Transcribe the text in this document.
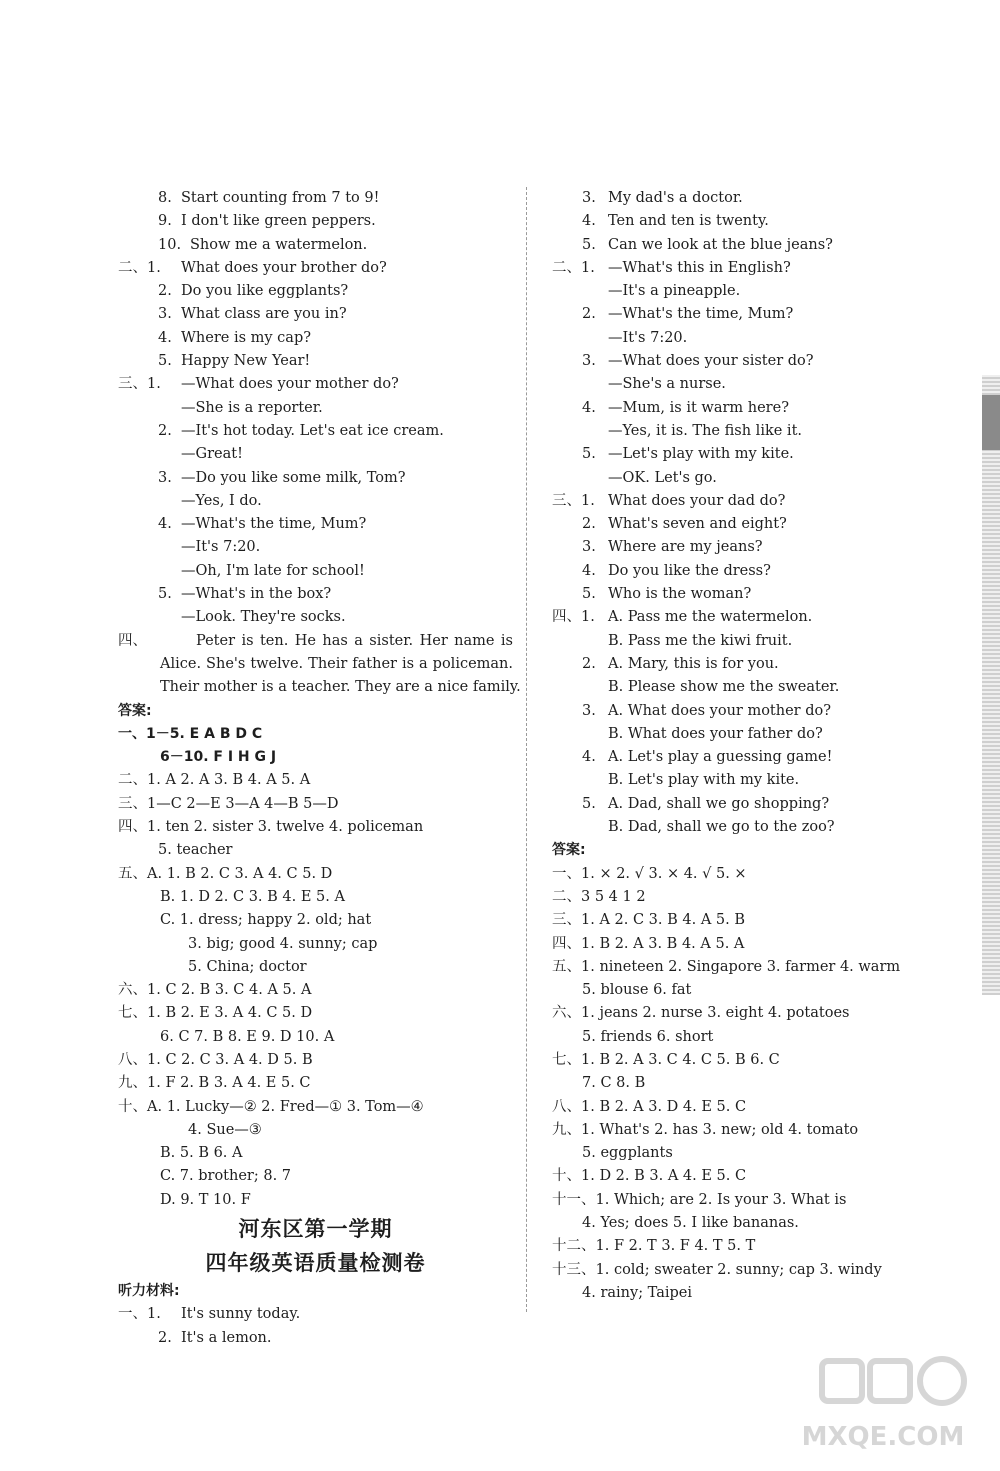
8. Start counting from 7 to 9!
9. I don't like green peppers.
10. Show me a watermelon.
二、1. What does your brother do?
2. Do you like eggplants?
3. What class are you in?
4. Where is my cap?
5. Happy New Year!
三、1. —What does your mother do?
—She is a reporter.
2. —It's hot today. Let's eat ice cream.
—Great!
3. —Do you like some milk, Tom?
—Yes, I do.
4. —What's the time, Mum?
—It's 7:20.
—Oh, I'm late for school!
5. —What's in the box?
—Look. They're socks.
四、	Peter is ten. He has a sister. Her name is
Alice. She's twelve. Their father is a policeman.
Their mother is a teacher. They are a nice family.
答案:
一、1－5. E A B D C
6－10. F I H G J
二、1. A 2. A 3. B 4. A 5. A
三、1—C 2—E 3—A 4—B 5—D
四、1. ten 2. sister 3. twelve 4. policeman
5. teacher
五、A. 1. B 2. C 3. A 4. C 5. D
B. 1. D 2. C 3. B 4. E 5. A
C. 1. dress; happy 2. old; hat
3. big; good 4. sunny; cap
5. China; doctor
六、1. C 2. B 3. C 4. A 5. A
七、1. B 2. E 3. A 4. C 5. D
6. C 7. B 8. E 9. D 10. A
八、1. C 2. C 3. A 4. D 5. B
九、1. F 2. B 3. A 4. E 5. C
十、A. 1. Lucky—② 2. Fred—① 3. Tom—④
4. Sue—③
B. 5. B 6. A
C. 7. brother; 8. 7
D. 9. T 10. F
河东区第一学期
四年级英语质量检测卷
听力材料:
一、1. It's sunny today.
2. It's a lemon.
3. My dad's a doctor.
4. Ten and ten is twenty.
5. Can we look at the blue jeans?
二、1. —What's this in English?
—It's a pineapple.
2. —What's the time, Mum?
—It's 7:20.
3. —What does your sister do?
—She's a nurse.
4. —Mum, is it warm here?
—Yes, it is. The fish like it.
5. —Let's play with my kite.
—OK. Let's go.
三、1. What does your dad do?
2. What's seven and eight?
3. Where are my jeans?
4. Do you like the dress?
5. Who is the woman?
四、1. A. Pass me the watermelon.
B. Pass me the kiwi fruit.
2. A. Mary, this is for you.
B. Please show me the sweater.
3. A. What does your mother do?
B. What does your father do?
4. A. Let's play a guessing game!
B. Let's play with my kite.
5. A. Dad, shall we go shopping?
B. Dad, shall we go to the zoo?
答案:
一、1. × 2. √ 3. × 4. √ 5. ×
二、3 5 4 1 2
三、1. A 2. C 3. B 4. A 5. B
四、1. B 2. A 3. B 4. A 5. A
五、1. nineteen 2. Singapore 3. farmer 4. warm
5. blouse 6. fat
六、1. jeans 2. nurse 3. eight 4. potatoes
5. friends 6. short
七、1. B 2. A 3. C 4. C 5. B 6. C
7. C 8. B
八、1. B 2. A 3. D 4. E 5. C
九、1. What's 2. has 3. new; old 4. tomato
5. eggplants
十、1. D 2. B 3. A 4. E 5. C
十一、1. Which; are 2. Is your 3. What is
4. Yes; does 5. I like bananas.
十二、1. F 2. T 3. F 4. T 5. T
十三、1. cold; sweater 2. sunny; cap 3. windy
4. rainy; Taipei
MXQE.COM
